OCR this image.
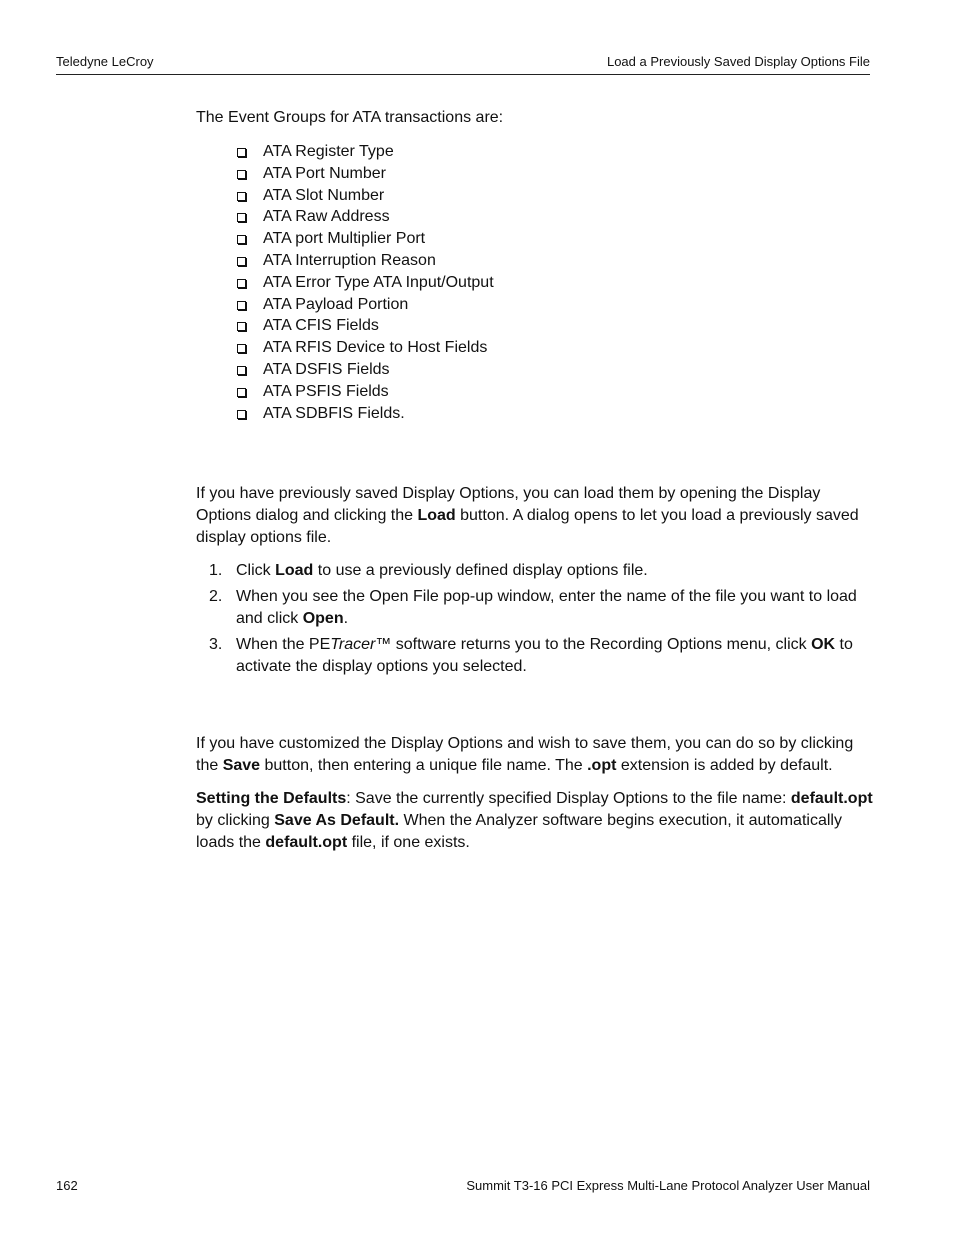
Teledyne LeCroy	Load a Previously Saved Display Options File

The Event Groups for ATA transactions are:

ATA Register Type
ATA Port Number
ATA Slot Number
ATA Raw Address
ATA port Multiplier Port
ATA Interruption Reason
ATA Error Type ATA Input/Output
ATA Payload Portion
ATA CFIS Fields
ATA RFIS Device to Host Fields
ATA DSFIS Fields
ATA PSFIS Fields
ATA SDBFIS Fields.

If you have previously saved Display Options, you can load them by opening the Display Options dialog and clicking the Load button. A dialog opens to let you load a previously saved display options file.

1. Click Load to use a previously defined display options file.
2. When you see the Open File pop-up window, enter the name of the file you want to load and click Open.
3. When the PETracer™ software returns you to the Recording Options menu, click OK to activate the display options you selected.

If you have customized the Display Options and wish to save them, you can do so by clicking the Save button, then entering a unique file name. The .opt extension is added by default.

Setting the Defaults: Save the currently specified Display Options to the file name: default.opt by clicking Save As Default. When the Analyzer software begins execution, it automatically loads the default.opt file, if one exists.

162	Summit T3-16 PCI Express Multi-Lane Protocol Analyzer User Manual
